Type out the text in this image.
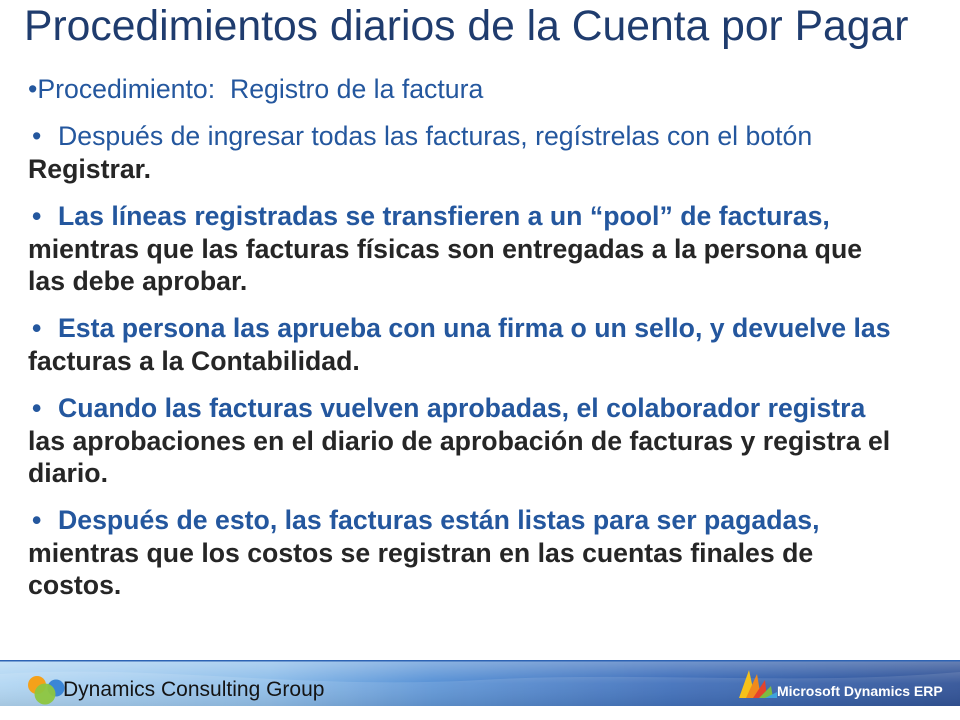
Procedimientos diarios de la Cuenta por Pagar
•Procedimiento:  Registro de la factura
• Después de ingresar todas las facturas, regístrelas con el botón
Registrar.
• Las líneas registradas se transfieren a un “pool” de facturas,
mientras que las facturas físicas son entregadas a la persona que
las debe aprobar.
• Esta persona las aprueba con una firma o un sello, y devuelve las
facturas a la Contabilidad.
• Cuando las facturas vuelven aprobadas, el colaborador registra
las aprobaciones en el diario de aprobación de facturas y registra el
diario.
• Después de esto, las facturas están listas para ser pagadas,
mientras que los costos se registran en las cuentas finales de
costos.
Dynamics Consulting Group	Microsoft Dynamics ERP
